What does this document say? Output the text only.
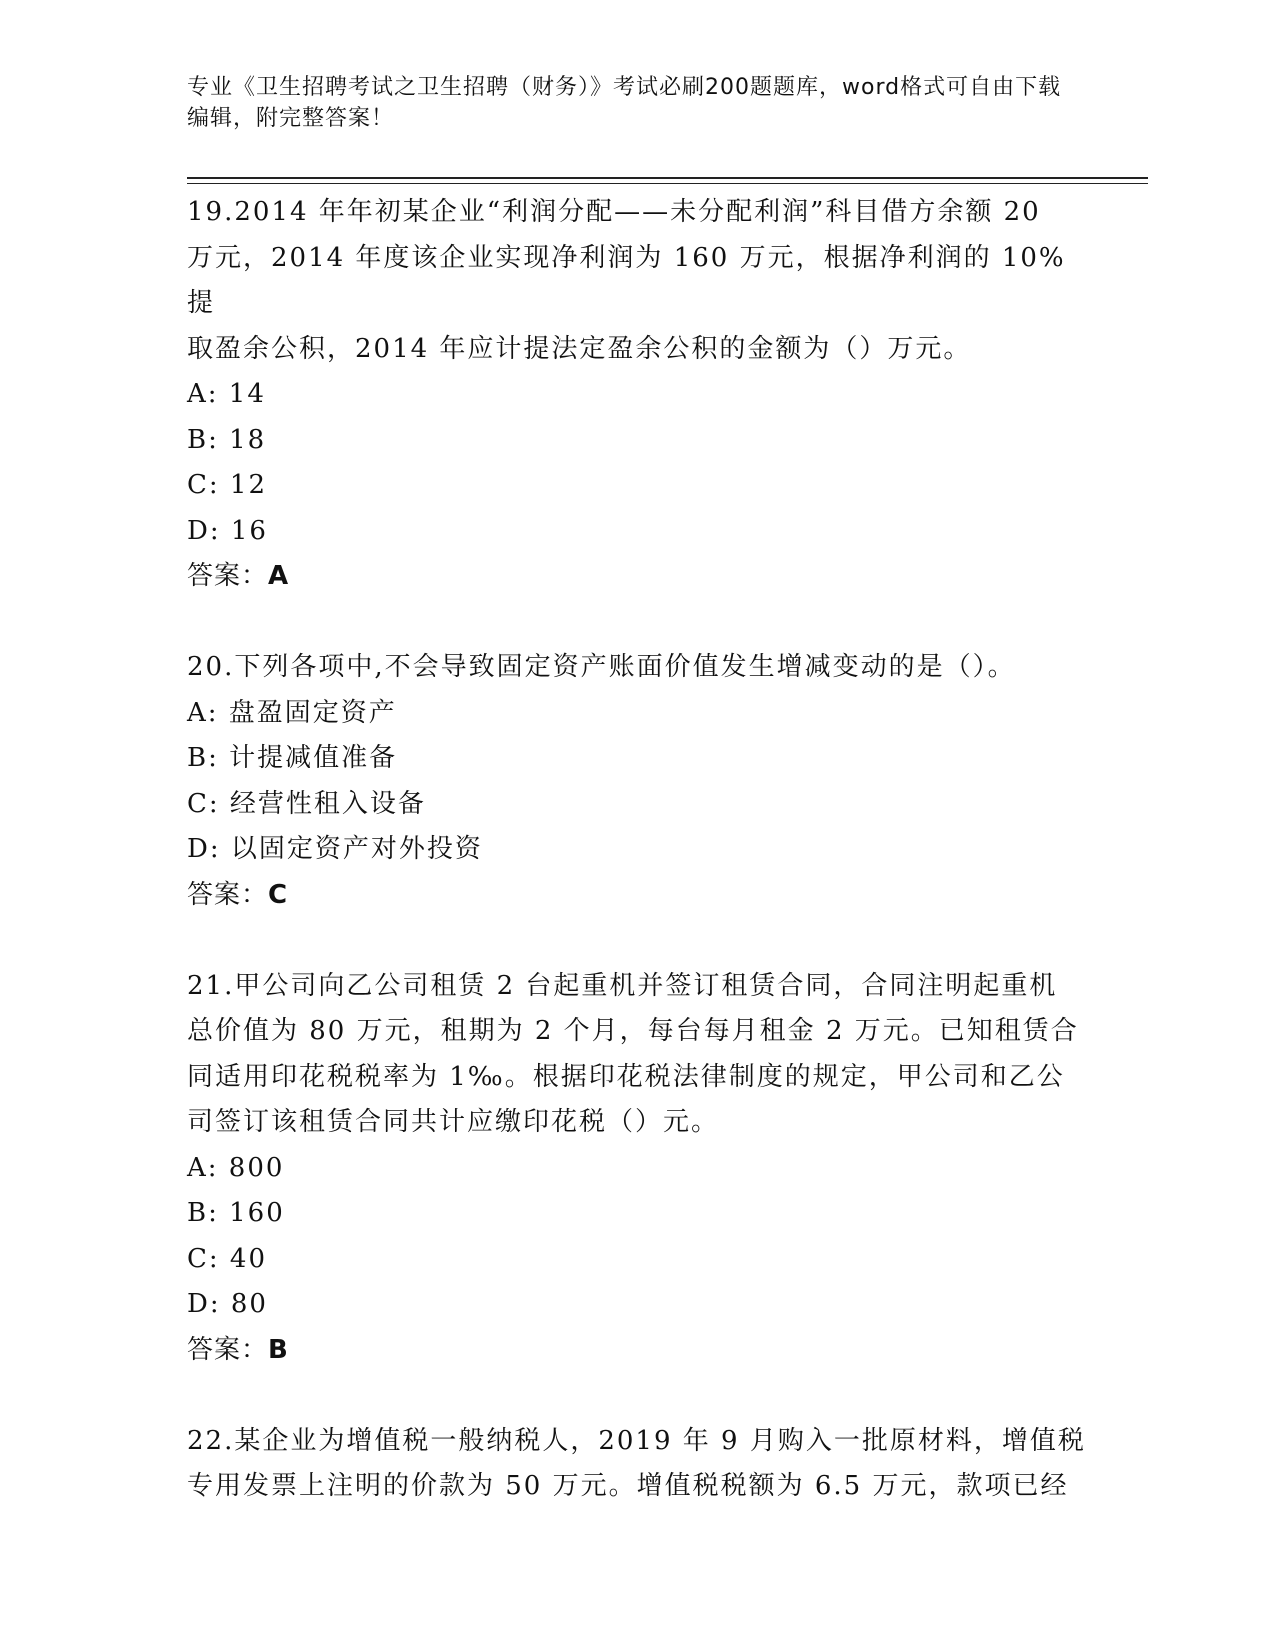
专业《卫生招聘考试之卫生招聘（财务）》考试必刷200题题库，word格式可自由下载编辑，附完整答案！

19.2014 年年初某企业“利润分配——未分配利润”科目借方余额 20

万元，2014 年度该企业实现净利润为 160 万元，根据净利润的 10%提

取盈余公积，2014 年应计提法定盈余公积的金额为（）万元。

A: 14

B: 18

C: 12

D: 16

答案：A

20.下列各项中,不会导致固定资产账面价值发生增减变动的是（）。

A: 盘盈固定资产

B: 计提减值准备

C: 经营性租入设备

D: 以固定资产对外投资

答案：C

21.甲公司向乙公司租赁 2 台起重机并签订租赁合同，合同注明起重机

总价值为 80 万元，租期为 2 个月，每台每月租金 2 万元。已知租赁合

同适用印花税税率为 1‰。根据印花税法律制度的规定，甲公司和乙公

司签订该租赁合同共计应缴印花税（）元。

A: 800

B: 160

C: 40

D: 80

答案：B

22.某企业为增值税一般纳税人，2019 年 9 月购入一批原材料，增值税

专用发票上注明的价款为 50 万元。增值税税额为 6.5 万元，款项已经
